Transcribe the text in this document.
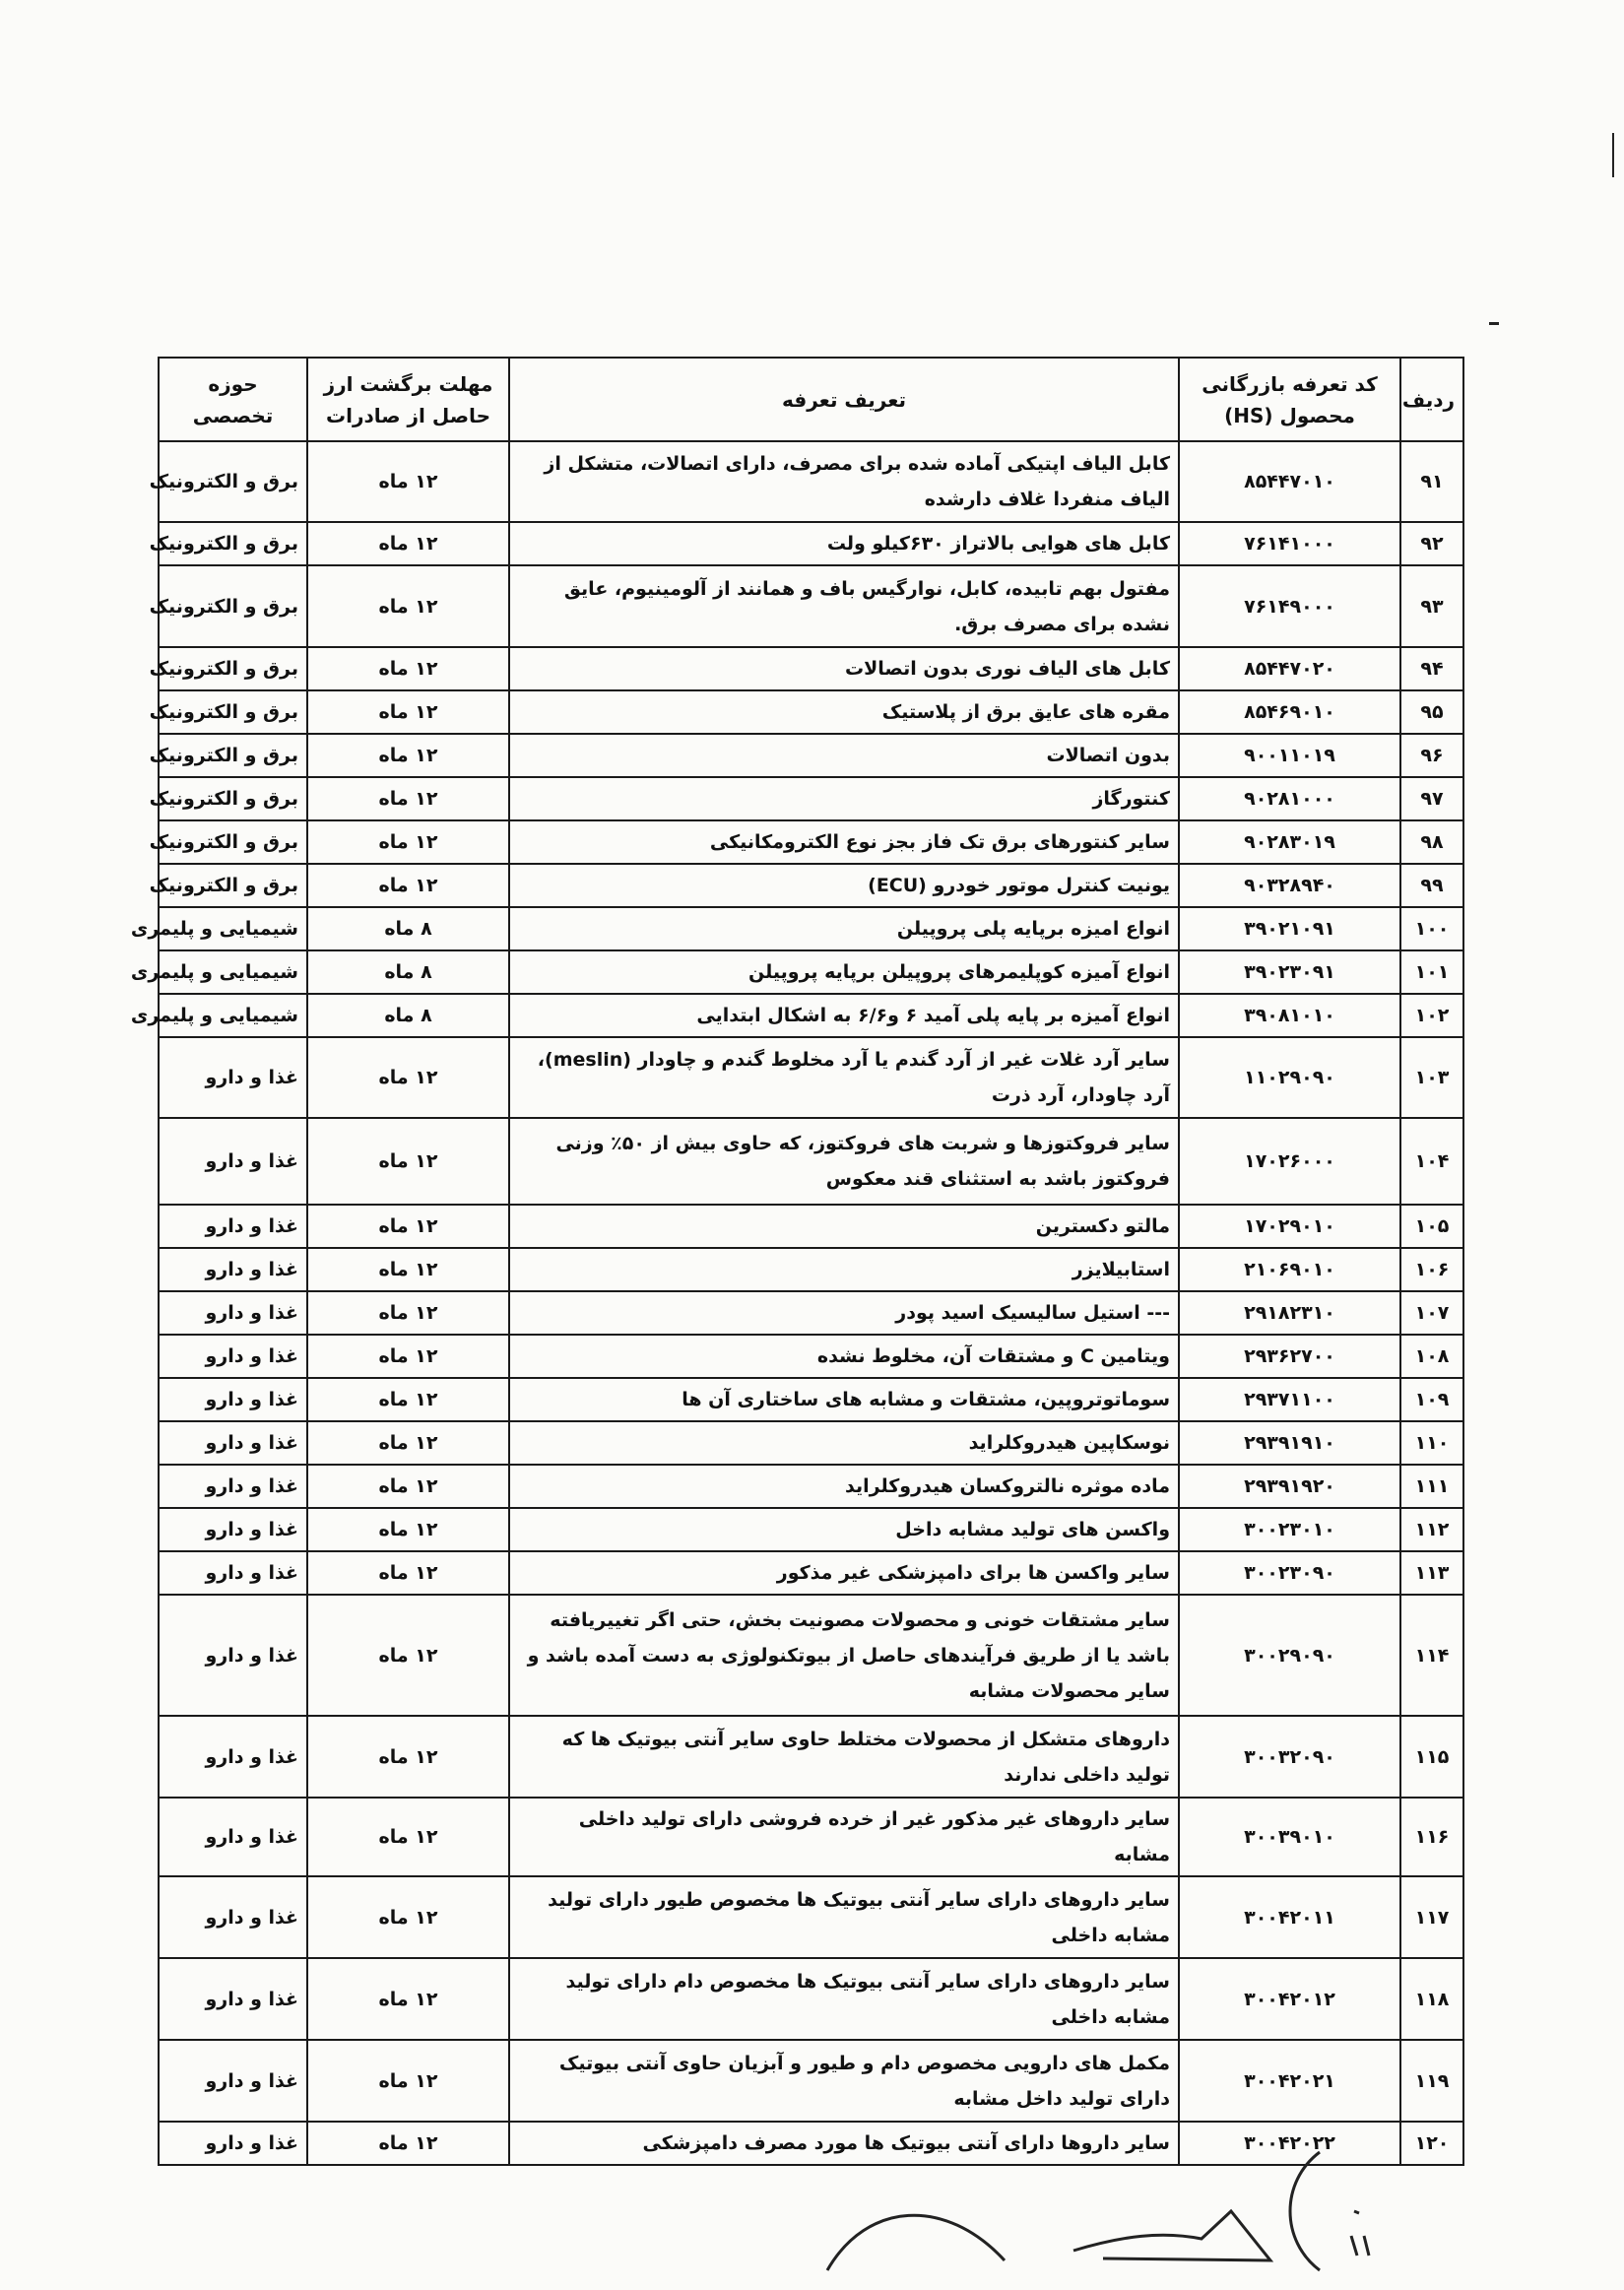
ردیف	کد تعرفه بازرگانی محصول (HS)	تعریف تعرفه	مهلت برگشت ارز حاصل از صادرات	حوزه تخصصی
۹۱	۸۵۴۴۷۰۱۰	کابل الیاف اپتیکی آماده شده برای مصرف، دارای اتصالات، متشکل از الیاف منفردا غلاف دارشده	۱۲ ماه	برق و الکترونیک
۹۲	۷۶۱۴۱۰۰۰	کابل های هوایی بالاتراز ۶۳۰کیلو ولت	۱۲ ماه	برق و الکترونیک
۹۳	۷۶۱۴۹۰۰۰	مفتول بهم تابیده، کابل، نوارگیس باف و همانند از آلومینیوم، عایق نشده برای مصرف برق.	۱۲ ماه	برق و الکترونیک
۹۴	۸۵۴۴۷۰۲۰	کابل های الیاف نوری بدون اتصالات	۱۲ ماه	برق و الکترونیک
۹۵	۸۵۴۶۹۰۱۰	مقره های عایق برق از پلاستیک	۱۲ ماه	برق و الکترونیک
۹۶	۹۰۰۱۱۰۱۹	بدون اتصالات	۱۲ ماه	برق و الکترونیک
۹۷	۹۰۲۸۱۰۰۰	کنتورگاز	۱۲ ماه	برق و الکترونیک
۹۸	۹۰۲۸۳۰۱۹	سایر کنتورهای برق تک فاز بجز نوع الکترومکانیکی	۱۲ ماه	برق و الکترونیک
۹۹	۹۰۳۲۸۹۴۰	یونیت کنترل موتور خودرو (ECU)	۱۲ ماه	برق و الکترونیک
۱۰۰	۳۹۰۲۱۰۹۱	انواع امیزه برپایه پلی پروپیلن	۸ ماه	شیمیایی و پلیمری
۱۰۱	۳۹۰۲۳۰۹۱	انواع آمیزه کوپلیمرهای پروپیلن برپایه پروپیلن	۸ ماه	شیمیایی و پلیمری
۱۰۲	۳۹۰۸۱۰۱۰	انواع آمیزه بر پایه پلی آمید ۶ و۶/۶ به اشکال ابتدایی	۸ ماه	شیمیایی و پلیمری
۱۰۳	۱۱۰۲۹۰۹۰	سایر آرد غلات غیر از آرد گندم یا آرد مخلوط گندم و چاودار (meslin)، آرد چاودار، آرد ذرت	۱۲ ماه	غذا و دارو
۱۰۴	۱۷۰۲۶۰۰۰	سایر فروکتوزها و شربت های فروکتوز، که حاوی بیش از ۵۰٪ وزنی فروکتوز باشد به استثنای قند معکوس	۱۲ ماه	غذا و دارو
۱۰۵	۱۷۰۲۹۰۱۰	مالتو دکسترین	۱۲ ماه	غذا و دارو
۱۰۶	۲۱۰۶۹۰۱۰	استابیلایزر	۱۲ ماه	غذا و دارو
۱۰۷	۲۹۱۸۲۳۱۰	--- استیل سالیسیک اسید پودر	۱۲ ماه	غذا و دارو
۱۰۸	۲۹۳۶۲۷۰۰	ویتامین C و مشتقات آن، مخلوط نشده	۱۲ ماه	غذا و دارو
۱۰۹	۲۹۳۷۱۱۰۰	سوماتوتروپین، مشتقات و مشابه های ساختاری آن ها	۱۲ ماه	غذا و دارو
۱۱۰	۲۹۳۹۱۹۱۰	نوسکاپین هیدروکلراید	۱۲ ماه	غذا و دارو
۱۱۱	۲۹۳۹۱۹۲۰	ماده موثره نالتروکسان هیدروکلراید	۱۲ ماه	غذا و دارو
۱۱۲	۳۰۰۲۳۰۱۰	واکسن های تولید مشابه داخل	۱۲ ماه	غذا و دارو
۱۱۳	۳۰۰۲۳۰۹۰	سایر واکسن ها برای دامپزشکی غیر مذکور	۱۲ ماه	غذا و دارو
۱۱۴	۳۰۰۲۹۰۹۰	سایر مشتقات خونی و محصولات مصونیت بخش، حتی اگر تغییریافته باشد یا از طریق فرآیندهای حاصل از بیوتکنولوژی به دست آمده باشد و سایر محصولات مشابه	۱۲ ماه	غذا و دارو
۱۱۵	۳۰۰۳۲۰۹۰	داروهای متشکل از محصولات مختلط حاوی سایر آنتی بیوتیک ها که تولید داخلی ندارند	۱۲ ماه	غذا و دارو
۱۱۶	۳۰۰۳۹۰۱۰	سایر داروهای غیر مذکور غیر از خرده فروشی دارای تولید داخلی مشابه	۱۲ ماه	غذا و دارو
۱۱۷	۳۰۰۴۲۰۱۱	سایر داروهای دارای سایر آنتی بیوتیک ها مخصوص طیور دارای تولید مشابه داخلی	۱۲ ماه	غذا و دارو
۱۱۸	۳۰۰۴۲۰۱۲	سایر داروهای دارای سایر آنتی بیوتیک ها مخصوص دام دارای تولید مشابه داخلی	۱۲ ماه	غذا و دارو
۱۱۹	۳۰۰۴۲۰۲۱	مکمل های دارویی مخصوص دام و طیور و آبزیان حاوی آنتی بیوتیک دارای تولید داخل مشابه	۱۲ ماه	غذا و دارو
۱۲۰	۳۰۰۴۲۰۲۲	سایر داروها دارای آنتی بیوتیک ها مورد مصرف دامپزشکی	۱۲ ماه	غذا و دارو
